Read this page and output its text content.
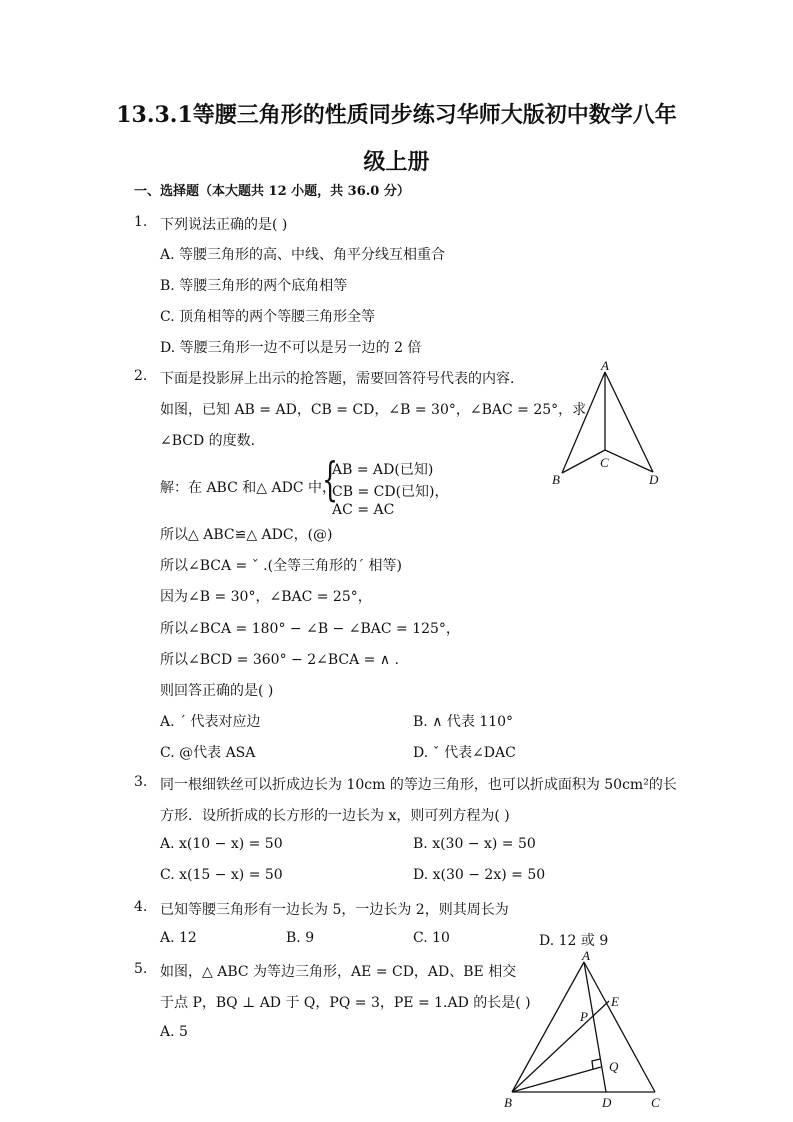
13.3.1等腰三角形的性质同步练习华师大版初中数学八年
级上册
一、选择题（本大题共 12 小题，共 36.0 分）
1. 下列说法正确的是( )
A. 等腰三角形的高、中线、角平分线互相重合
B. 等腰三角形的两个底角相等
C. 顶角相等的两个等腰三角形全等
D. 等腰三角形一边不可以是另一边的 2 倍
2. 下面是投影屏上出示的抢答题，需要回答符号代表的内容．
如图，已知 AB = AD，CB = CD，∠B = 30°，∠BAC = 25°，求
∠BCD 的度数．
解：在 ABC 和△ ADC 中，
{
AB = AD(已知)
CB = CD(已知)，
AC = AC
所以△ ABC≌△ ADC，(@)
所以∠BCA = ˇ .(全等三角形的ˊ 相等)
因为∠B = 30°，∠BAC = 25°，
所以∠BCA = 180° − ∠B − ∠BAC = 125°，
所以∠BCD = 360° − 2∠BCA = ∧ .
则回答正确的是( )
A. ˊ 代表对应边	B. ∧ 代表 110°
C. @代表 ASA	D. ˇ 代表∠DAC
A
B
C
D
3. 同一根细铁丝可以折成边长为 10cm 的等边三角形，也可以折成面积为 50cm²的长
方形．设所折成的长方形的一边长为 x，则可列方程为( )
A. x(10 − x) = 50	B. x(30 − x) = 50
C. x(15 − x) = 50	D. x(30 − 2x) = 50
4. 已知等腰三角形有一边长为 5，一边长为 2，则其周长为
A. 12	B. 9	C. 10	D. 12 或 9
5. 如图，△ ABC 为等边三角形，AE = CD，AD、BE 相交
于点 P，BQ ⊥ AD 于 Q，PQ = 3，PE = 1.AD 的长是( )
A. 5
A
B	C
D
E
P
Q
